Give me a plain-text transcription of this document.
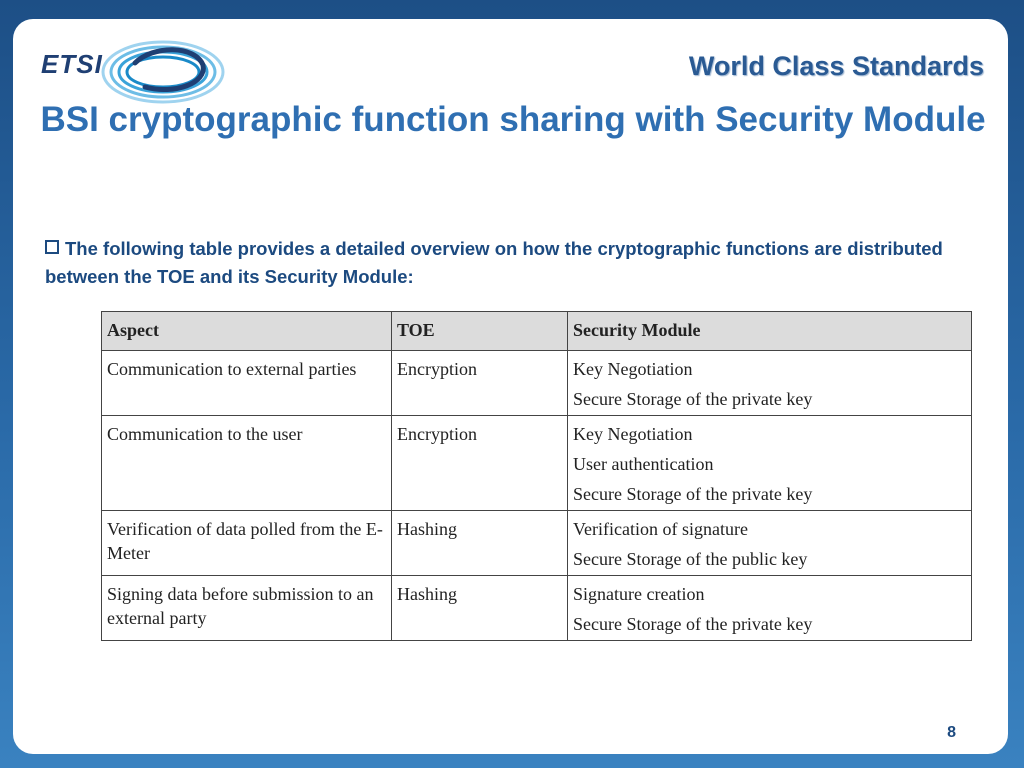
ETSI	World Class Standards
BSI cryptographic function sharing with Security Module
The following table provides a detailed overview on how the cryptographic functions are distributed between the TOE and its Security Module:
Aspect	TOE	Security Module
Communication to external parties	Encryption	Key Negotiation
Secure Storage of the private key

Communication to the user	Encryption	Key Negotiation
User authentication
Secure Storage of the private key

Verification of data polled from the E-Meter	Hashing	Verification of signature
Secure Storage of the public key

Signing data before submission to an external party	Hashing	Signature creation
Secure Storage of the private key
8
